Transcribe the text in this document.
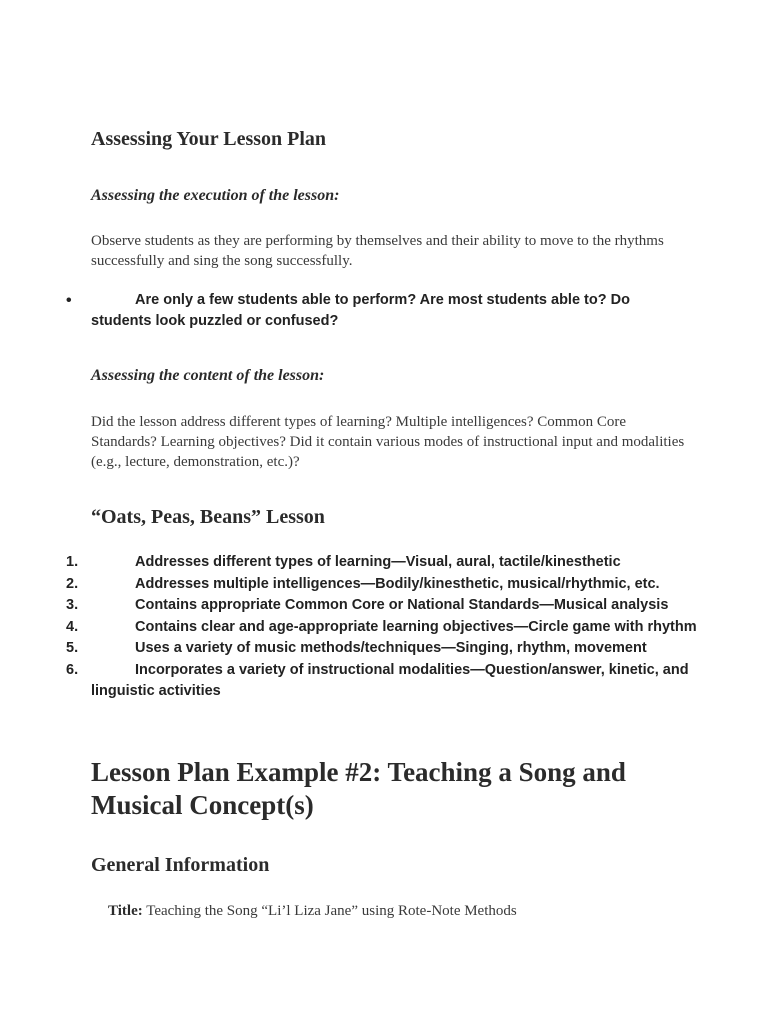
Assessing Your Lesson Plan
Assessing the execution of the lesson:

Observe students as they are performing by themselves and their ability to move to the rhythms successfully and sing the song successfully.

•	Are only a few students able to perform? Are most students able to? Do students look puzzled or confused?
Assessing the content of the lesson:

Did the lesson address different types of learning? Multiple intelligences? Common Core Standards? Learning objectives? Did it contain various modes of instructional input and modalities (e.g., lecture, demonstration, etc.)?

“Oats, Peas, Beans” Lesson
1.	Addresses different types of learning—Visual, aural, tactile/kinesthetic
2.	Addresses multiple intelligences—Bodily/kinesthetic, musical/rhythmic, etc.
3.	Contains appropriate Common Core or National Standards—Musical analysis
4.	Contains clear and age-appropriate learning objectives—Circle game with rhythm
5.	Uses a variety of music methods/techniques—Singing, rhythm, movement
6.	Incorporates a variety of instructional modalities—Question/answer, kinetic, and linguistic activities
Lesson Plan Example #2: Teaching a Song and Musical Concept(s)
General Information
Title: Teaching the Song “Li’l Liza Jane” using Rote-Note Methods
